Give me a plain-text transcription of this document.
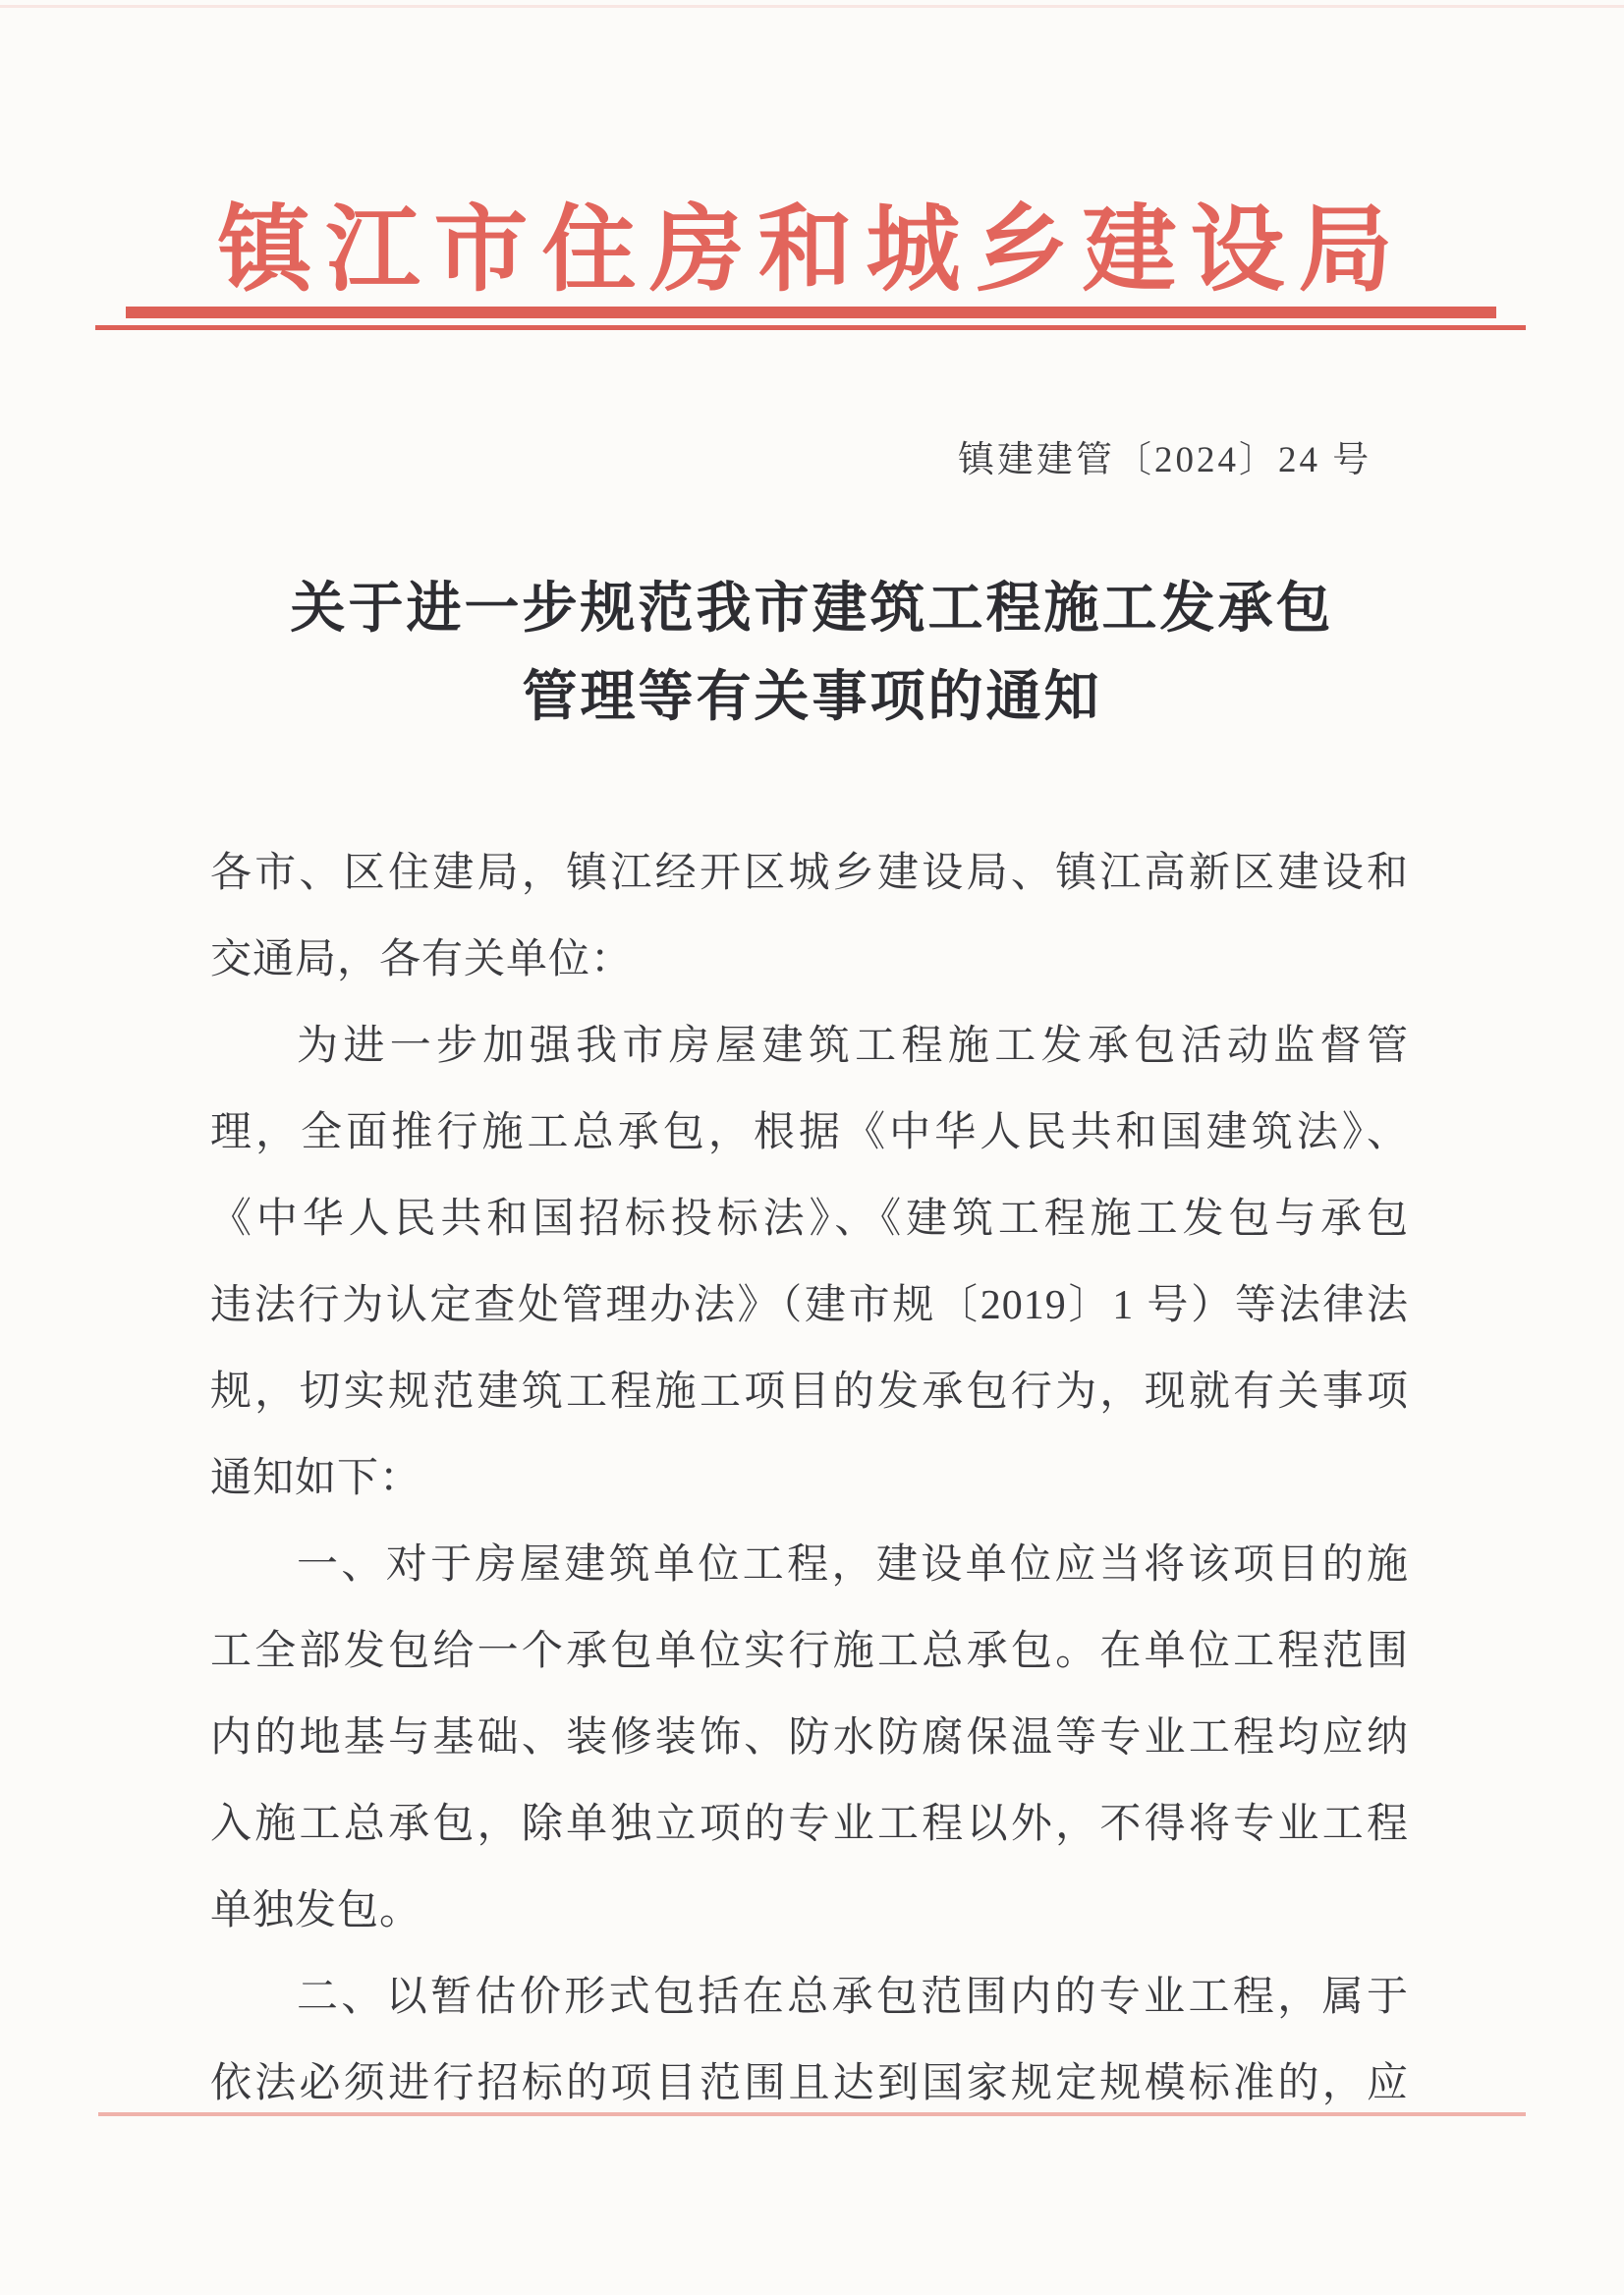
镇江市住房和城乡建设局
镇建建管〔2024〕24 号
关于进一步规范我市建筑工程施工发承包
管理等有关事项的通知
各市、区住建局，镇江经开区城乡建设局、镇江高新区建设和
交通局，各有关单位：
为进一步加强我市房屋建筑工程施工发承包活动监督管
理，全面推行施工总承包，根据《中华人民共和国建筑法》、
《中华人民共和国招标投标法》、《建筑工程施工发包与承包
违法行为认定查处管理办法》（建市规〔2019〕1 号）等法律法
规，切实规范建筑工程施工项目的发承包行为，现就有关事项
通知如下：
一、对于房屋建筑单位工程，建设单位应当将该项目的施
工全部发包给一个承包单位实行施工总承包。在单位工程范围
内的地基与基础、装修装饰、防水防腐保温等专业工程均应纳
入施工总承包，除单独立项的专业工程以外，不得将专业工程
单独发包。
二、以暂估价形式包括在总承包范围内的专业工程，属于
依法必须进行招标的项目范围且达到国家规定规模标准的，应
